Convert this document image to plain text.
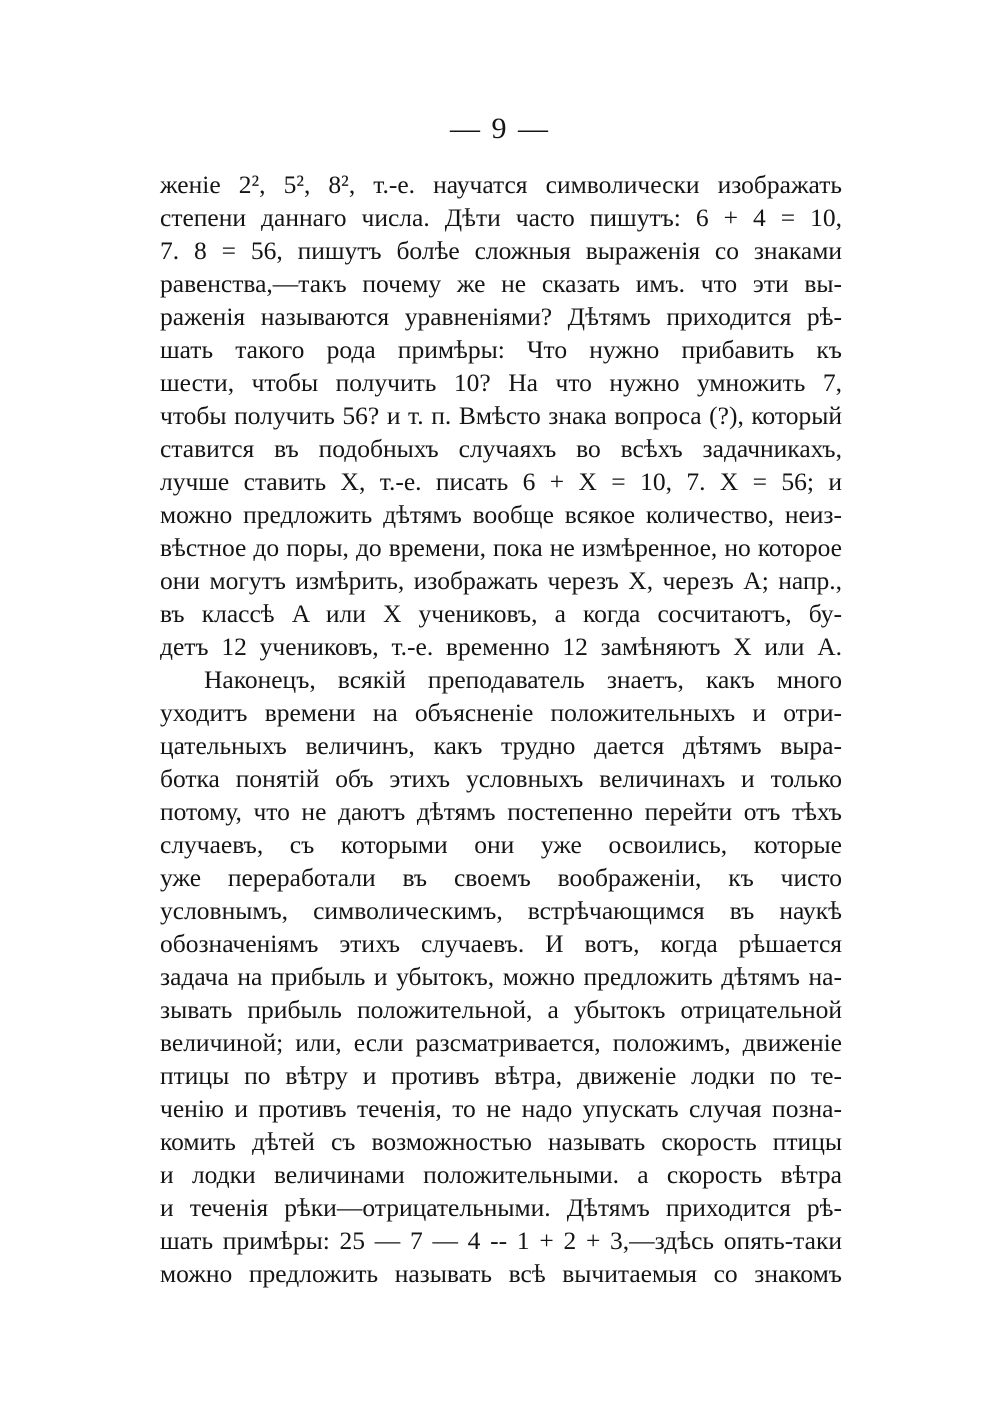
— 9 —
женіе 2², 5², 8², т.-е. научатся символически изображать
степени даннаго числа. Дѣти часто пишутъ: 6 + 4 = 10,
7. 8 = 56, пишутъ болѣе сложныя выраженія со знаками
равенства,—такъ почему же не сказать имъ. что эти вы-
раженія называются уравненіями? Дѣтямъ приходится рѣ-
шать такого рода примѣры: Что нужно прибавить къ
шести, чтобы получить 10? На что нужно умножить 7,
чтобы получить 56? и т. п. Вмѣсто знака вопроса (?), который
ставится въ подобныхъ случаяхъ во всѣхъ задачникахъ,
лучше ставить X, т.-е. писать 6 + X = 10, 7. X = 56; и
можно предложить дѣтямъ вообще всякое количество, неиз-
вѣстное до поры, до времени, пока не измѣренное, но которое
они могутъ измѣрить, изображать черезъ X, черезъ A; напр.,
въ классѣ A или X учениковъ, а когда сосчитаютъ, бу-
детъ 12 учениковъ, т.-е. временно 12 замѣняютъ X или A.
Наконецъ, всякій преподаватель знаетъ, какъ много
уходитъ времени на объясненіе положительныхъ и отри-
цательныхъ величинъ, какъ трудно дается дѣтямъ выра-
ботка понятій объ этихъ условныхъ величинахъ и только
потому, что не даютъ дѣтямъ постепенно перейти отъ тѣхъ
случаевъ, съ которыми они уже освоились, которые
уже переработали въ своемъ воображеніи, къ чисто
условнымъ, символическимъ, встрѣчающимся въ наукѣ
обозначеніямъ этихъ случаевъ. И вотъ, когда рѣшается
задача на прибыль и убытокъ, можно предложить дѣтямъ на-
зывать прибыль положительной, а убытокъ отрицательной
величиной; или, если разсматривается, положимъ, движеніе
птицы по вѣтру и противъ вѣтра, движеніе лодки по те-
ченію и противъ теченія, то не надо упускать случая позна-
комить дѣтей съ возможностью называть скорость птицы
и лодки величинами положительными. а скорость вѣтра
и теченія рѣки—отрицательными. Дѣтямъ приходится рѣ-
шать примѣры: 25 — 7 — 4 -- 1 + 2 + 3,—здѣсь опять-таки
можно предложить называть всѣ вычитаемыя со знакомъ
